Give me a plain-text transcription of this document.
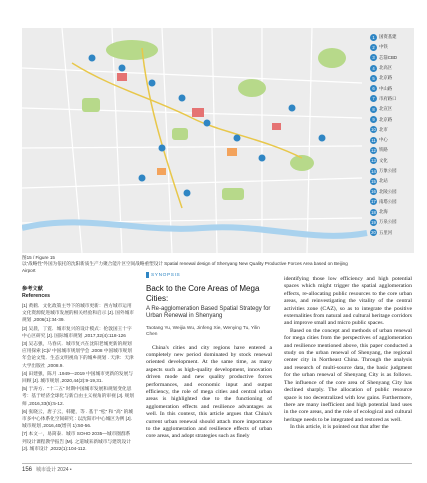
1 国资基建
2 中铁
3 芯箭CBD
4 北高区
5 北京路
6 中山路
7 市府路口
8 北宣区
9 北京路
10 北市
11 中心
12 铁路
13 文化
14 万象公园
15 北站
16 北陵公园
17 南塔公园
18 北海
19 万泉公园
20 五里河
图15 / Figure 15
以“战略性”外国为依托的沈阳新质生产力聚合能片区空间战略重塑设计 Spatial renewal design of Shenyang New Quality Productive Forces Area based on Beijing Airport
参考文献
References
[1] 黄鹤．文化政策主导下的城市更新：西方城市运用文化资源促进城市发展的相关经验和启示 [J]. 国外城市规划 ,2006(1):34-39.
[2] 吴晨，丁霓．城市复兴的设计模式：伦敦国王十字中心区研究 [J]. 国际城市规划 ,2017,32(4):118-126
[3] 吴志强，马春庆．城市复兴在沈阳老城更新的规划应用探索 [C]// 中国城市规划学会 .2008 中国城市规划年会论文集．生态文明视角下的城乡规划 . 天津：天津大学出版社 ,2008.9.
[4] 田建强，陈月 .1949—2019 中国城市更新的发展与回顾 [J]. 城市规划 ,2020,44(2):9-19,31.
[5] 于涛方．“十二五” 时期中国城市发展和规划变化思考：基于经济全球化与新自由主义视角的审视 [J]. 规划师 ,2016,33(5):5-12.
[6] 张晓云，唐子云，韩健，等 . 基于 “松” 和 “高” 的城市多中心体系化空间研究 : 以沈阳市中心城区为例 [J]. 城市规划 ,2016,40(增刊 1):50-56.
[7] 本文一，易简泰．城市 SOHO 2035—城市圈群系列设计课程教学报告 [M]. 之道城来新城市与建筑设计 [J]. 城市设计 ,2022(1):104-112.
SYNOPSIS
Back to the Core Areas of Mega Cities:
A Re-agglomeration Based Spatial Strategy for Urban Renewal in Shenyang
Taotang Yu, Weijia Wu, Jinfeng Xie, Wenying Tu, Yilin Chen

China's cities and city regions have entered a completely new period dominated by stock renewal oriented development. At the same time, as many aspects such as high-quality development, innovation driven mode and new quality productive forces performances, and economic input and output efficiency, the role of mega cities and central urban areas is highlighted due to the functioning of agglomeration effects and resilience advantages as well. In this context, this article argues that China's current urban renewal should attach more importance to the agglomeration and resilience effects of urban core areas, and adopt strategies such as finely

identifying those low efficiency and high potential spaces which might trigger the spatial agglomeration effects, re-allocating public resources to the core urban areas, and reinvestigating the vitality of the central activities zone (CAZ), so as to integrate the positive externalities from natural and cultural heritage corridors and improve small and micro public spaces.

Based on the concept and methods of urban renewal for mega cities from the perspectives of agglomeration and resilience mentioned above, this paper conducted a study on the urban renewal of Shenyang, the regional center city in Northeast China. Through the analysis and research of multi-source data, the basic judgment for the urban renewal of Shenyang City is as follows. The influence of the core area of Shenyang City has declined sharply. The allocation of public resource space is too decentralized with low gains. Furthermore, there are many inefficient and high potential land uses in the core areas, and the role of ecological and cultural heritage needs to be integrated and restored as well.

In this article, it is pointed out that after the

156 城市设计 2024 •
